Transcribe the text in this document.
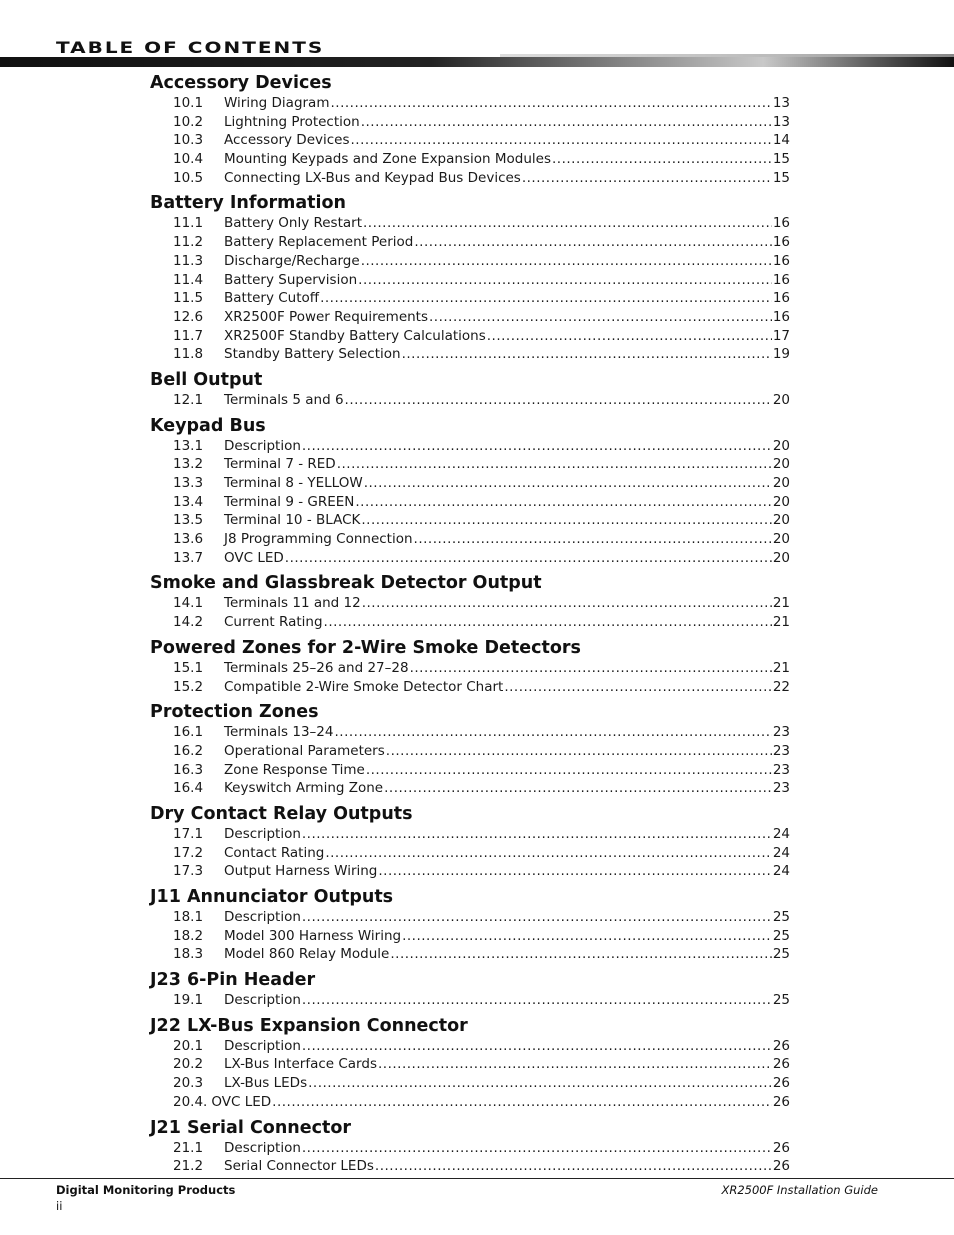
TABLE OF CONTENTS
Accessory Devices
10.1	Wiring Diagram .....	13
10.2	Lightning Protection .....	13
10.3	Accessory Devices .....	14
10.4	Mounting Keypads and Zone Expansion Modules .....	15
10.5	Connecting LX-Bus and Keypad Bus Devices .....	15
Battery Information
11.1	Battery Only Restart .....	16
11.2	Battery Replacement Period .....	16
11.3	Discharge/Recharge .....	16
11.4	Battery Supervision .....	16
11.5	Battery Cutoff .....	16
12.6	XR2500F Power Requirements .....	16
11.7	XR2500F Standby Battery Calculations .....	17
11.8	Standby Battery Selection .....	19
Bell Output
12.1	Terminals 5 and 6 .....	20
Keypad Bus
13.1	Description .....	20
13.2	Terminal 7 - RED .....	20
13.3	Terminal 8 - YELLOW .....	20
13.4	Terminal 9 - GREEN .....	20
13.5	Terminal 10 - BLACK .....	20
13.6	J8 Programming Connection .....	20
13.7	OVC LED .....	20
Smoke and Glassbreak Detector Output
14.1	Terminals 11 and 12 .....	21
14.2	Current Rating .....	21
Powered Zones for 2-Wire Smoke Detectors
15.1	Terminals 25–26 and 27–28 .....	21
15.2	Compatible 2-Wire Smoke Detector Chart .....	22
Protection Zones
16.1	Terminals 13–24 .....	23
16.2	Operational Parameters .....	23
16.3	Zone Response Time .....	23
16.4	Keyswitch Arming Zone .....	23
Dry Contact Relay Outputs
17.1	Description .....	24
17.2	Contact Rating .....	24
17.3	Output Harness Wiring .....	24
J11 Annunciator Outputs
18.1	Description .....	25
18.2	Model 300 Harness Wiring .....	25
18.3	Model 860 Relay Module .....	25
J23 6-Pin Header
19.1	Description .....	25
J22 LX-Bus Expansion Connector
20.1	Description .....	26
20.2	LX-Bus Interface Cards .....	26
20.3	LX-Bus LEDs .....	26
20.4. OVC LED .....	26
J21 Serial Connector
21.1	Description .....	26
21.2	Serial Connector LEDs .....	26
Digital Monitoring Products
ii
XR2500F Installation Guide
